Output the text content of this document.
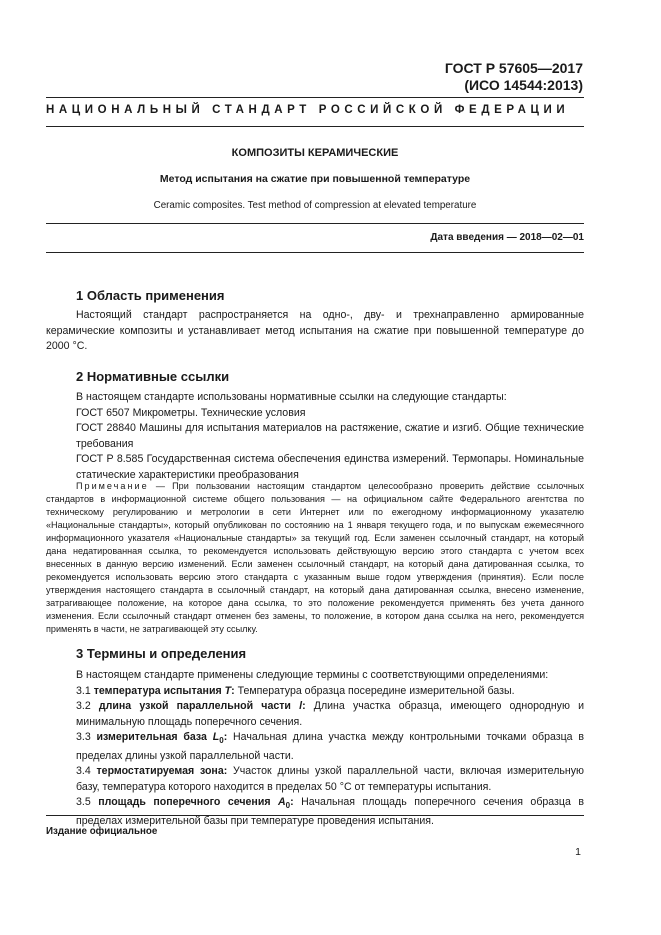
ГОСТ Р 57605—2017
(ИСО 14544:2013)
НАЦИОНАЛЬНЫЙ СТАНДАРТ РОССИЙСКОЙ ФЕДЕРАЦИИ
КОМПОЗИТЫ КЕРАМИЧЕСКИЕ
Метод испытания на сжатие при повышенной температуре
Ceramic composites. Test method of compression at elevated temperature
Дата введения — 2018—02—01
1 Область применения
Настоящий стандарт распространяется на одно-, дву- и трехнаправленно армированные керамические композиты и устанавливает метод испытания на сжатие при повышенной температуре до 2000 °С.
2 Нормативные ссылки
В настоящем стандарте использованы нормативные ссылки на следующие стандарты:
ГОСТ 6507 Микрометры. Технические условия
ГОСТ 28840 Машины для испытания материалов на растяжение, сжатие и изгиб. Общие технические требования
ГОСТ Р 8.585 Государственная система обеспечения единства измерений. Термопары. Номинальные статические характеристики преобразования
Примечание — При пользовании настоящим стандартом целесообразно проверить действие ссылочных стандартов в информационной системе общего пользования — на официальном сайте Федерального агентства по техническому регулированию и метрологии в сети Интернет или по ежегодному информационному указателю «Национальные стандарты», который опубликован по состоянию на 1 января текущего года, и по выпускам ежемесячного информационного указателя «Национальные стандарты» за текущий год. Если заменен ссылочный стандарт, на который дана недатированная ссылка, то рекомендуется использовать действующую версию этого стандарта с учетом всех внесенных в данную версию изменений. Если заменен ссылочный стандарт, на который дана датированная ссылка, то рекомендуется использовать версию этого стандарта с указанным выше годом утверждения (принятия). Если после утверждения настоящего стандарта в ссылочный стандарт, на который дана датированная ссылка, внесено изменение, затрагивающее положение, на которое дана ссылка, то это положение рекомендуется применять без учета данного изменения. Если ссылочный стандарт отменен без замены, то положение, в котором дана ссылка на него, рекомендуется применять в части, не затрагивающей эту ссылку.
3 Термины и определения
В настоящем стандарте применены следующие термины с соответствующими определениями:
3.1 температура испытания T: Температура образца посередине измерительной базы.
3.2 длина узкой параллельной части l: Длина участка образца, имеющего однородную и минимальную площадь поперечного сечения.
3.3 измерительная база $L_0$: Начальная длина участка между контрольными точками образца в пределах длины узкой параллельной части.
3.4 термостатируемая зона: Участок длины узкой параллельной части, включая измерительную базу, температура которого находится в пределах 50 °С от температуры испытания.
3.5 площадь поперечного сечения $A_0$: Начальная площадь поперечного сечения образца в пределах измерительной базы при температуре проведения испытания.
Издание официальное
1
